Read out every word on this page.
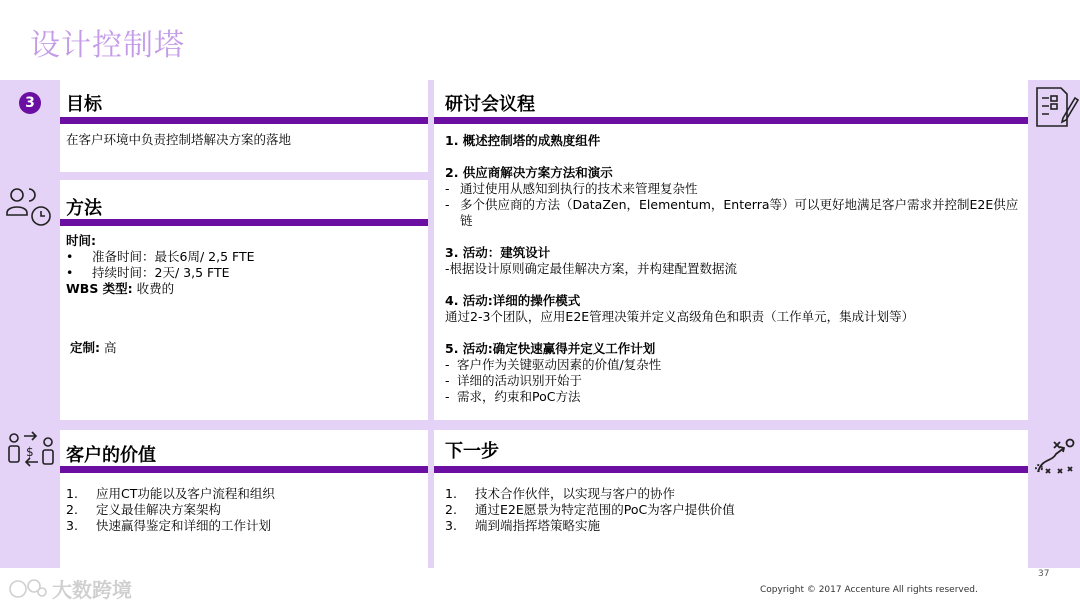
设计控制塔
3
$
目标
在客户环境中负责控制塔解决方案的落地
方法
时间:
•	准备时间：最长6周/ 2,5 FTE
•	持续时间：2天/ 3,5 FTE
WBS 类型: 收费的
定制: 高
客户的价值
1.	应用CT功能以及客户流程和组织
2.	定义最佳解决方案架构
3.	快速赢得鉴定和详细的工作计划
研讨会议程
1. 概述控制塔的成熟度组件
2. 供应商解决方案方法和演示
- 通过使用从感知到执行的技术来管理复杂性
- 多个供应商的方法（DataZen，Elementum，Enterra等）可以更好地满足客户需求并控制E2E供应链
3. 活动：建筑设计
-根据设计原则确定最佳解决方案，并构建配置数据流
4. 活动:详细的操作模式
通过2-3个团队，应用E2E管理决策并定义高级角色和职责（工作单元，集成计划等）
5. 活动:确定快速赢得并定义工作计划
- 客户作为关键驱动因素的价值/复杂性
- 详细的活动识别开始于
- 需求，约束和PoC方法
下一步
1.	技术合作伙伴，以实现与客户的协作
2.	通过E2E愿景为特定范围的PoC为客户提供价值
3.	端到端指挥塔策略实施
37
Copyright © 2017 Accenture All rights reserved.
大数跨境
